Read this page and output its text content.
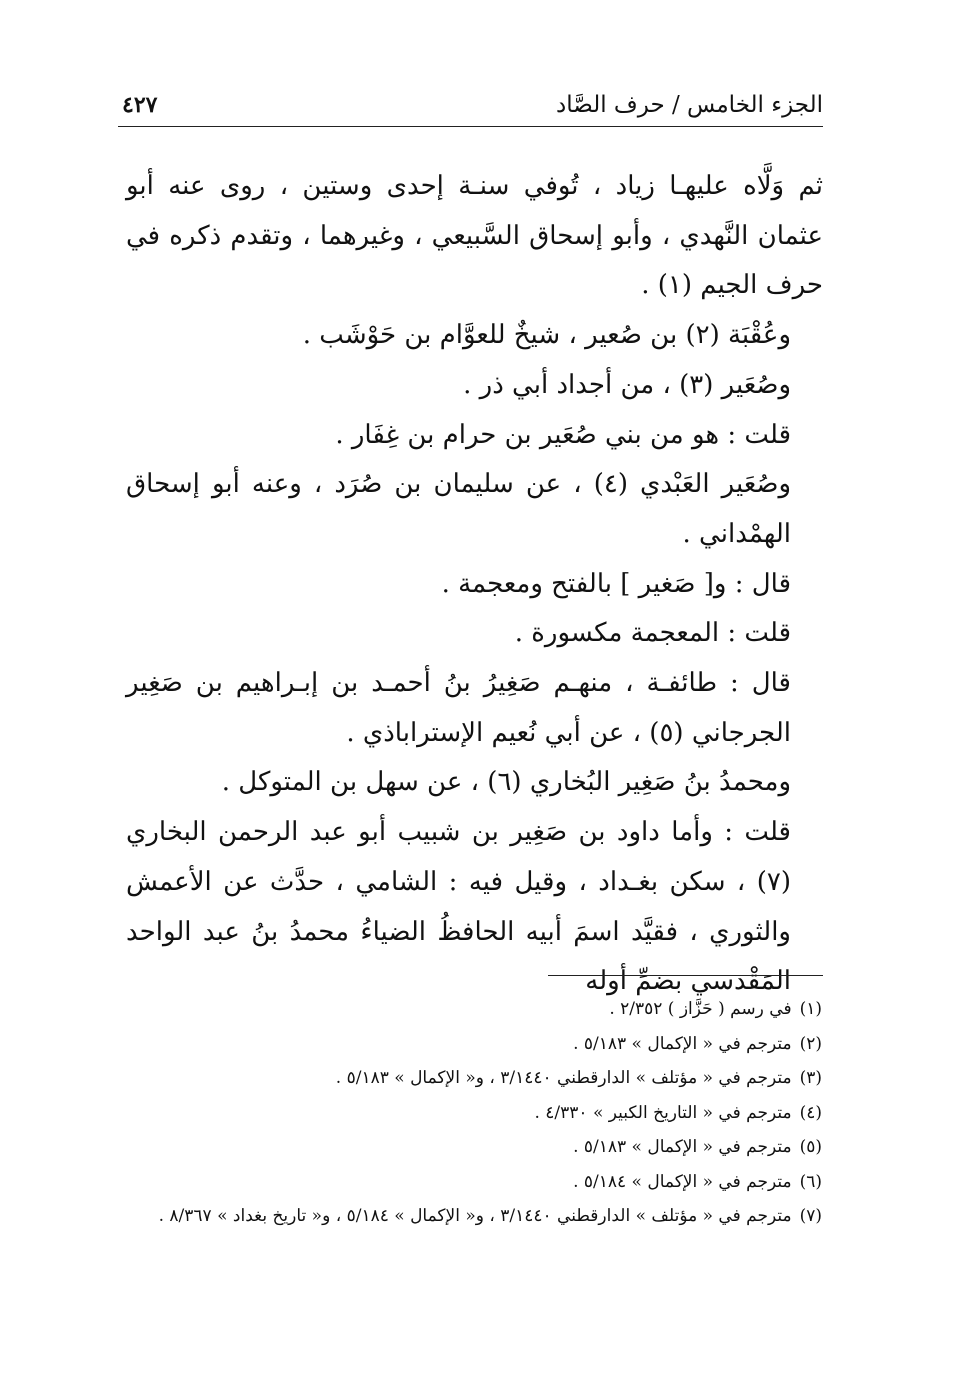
الجزء الخامس / حرف الصَّاد
٤٢٧

ثم وَلَّاه عليهـا زياد ، تُوفي سنـة إحدى وستين ، روى عنه أبو عثمان النَّهدي ، وأبو إسحاق السَّبيعي ، وغيرهما ، وتقدم ذكره في حرف الجيم (١) .

وعُقْبَة (٢) بن صُعير ، شيخٌ للعوَّام بن حَوْشَب .

وصُعَير (٣) ، من أجداد أبي ذر .

قلت : هو من بني صُعَير بن حرام بن غِفَار .

وصُعَير العَبْدي (٤) ، عن سليمان بن صُرَد ، وعنه أبو إسحاق الهمْداني .

قال : و[ صَغير ] بالفتح ومعجمة .

قلت : المعجمة مكسورة .

قال : طائفـة ، منهـم صَغِيرُ بنُ أحمـد بن إبـراهيم بن صَغِير الجرجاني (٥) ، عن أبي نُعيم الإستراباذي .

ومحمدُ بنُ صَغِير البُخاري (٦) ، عن سهل بن المتوكل .

قلت : وأما داود بن صَغِير بن شبيب أبو عبد الرحمن البخاري (٧) ، سكن بغـداد ، وقيل فيه : الشامي ، حدَّث عن الأعمش والثوري ، فقيَّد اسمَ أبيه الحافظُ الضياءُ محمدُ بنُ عبد الواحد المَقْدسي بضمِّ أوله

(١)في رسم ( حَزَّاز ) ٢/٣٥٢ .
(٢)مترجم في « الإكمال » ٥/١٨٣ .
(٣)مترجم في « مؤتلف » الدارقطني ٣/١٤٤٠ ، و« الإكمال » ٥/١٨٣ .
(٤)مترجم في « التاريخ الكبير » ٤/٣٣٠ .
(٥)مترجم في « الإكمال » ٥/١٨٣ .
(٦)مترجم في « الإكمال » ٥/١٨٤ .
(٧)مترجم في « مؤتلف » الدارقطني ٣/١٤٤٠ ، و« الإكمال » ٥/١٨٤ ، و« تاريخ بغداد » ٨/٣٦٧ .
